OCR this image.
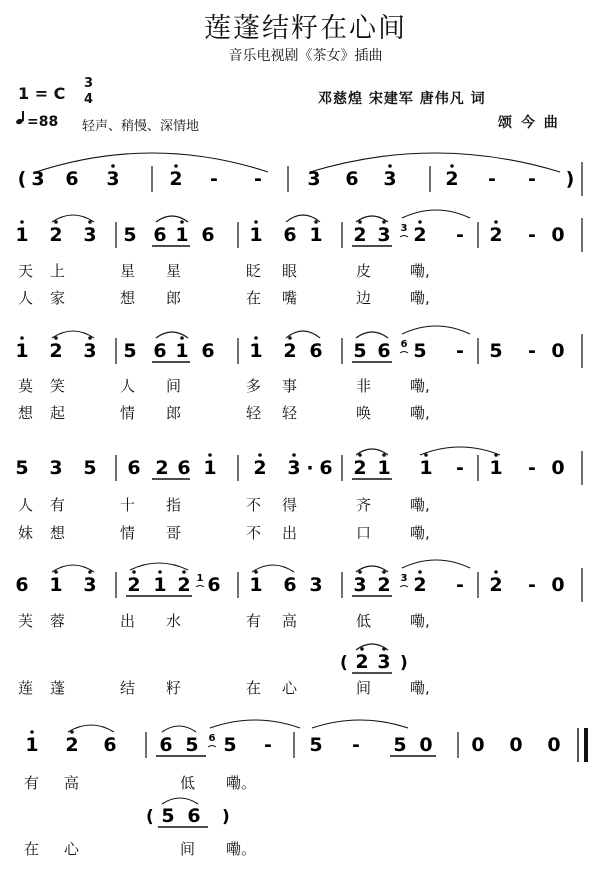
莲蓬结籽在心间
音乐电视剧《茶女》插曲
1 = C
3
4	邓慈煌 宋建军 唐伟凡 词
=88 轻声、稍慢、深情地	颂 今 曲
( 3 6 3	2 - - 3 6 3	2 - - )
1 2 3 5 6 1 6 1 6 1 2 3 3 2 - 2 - 0
1 2 3 5 6 1 6 1 2 6 5 6 6 5 - 5 - 0
5 3 5 6 2 6 1 2 3 · 6 2 1 1 - 1 - 0
6 1 3 2 1 2 1 6 1 6 3 3 2 3 2 - 2 - 0
( 2 3 )
1 2 6 6 5 6 5 - 5 - 5 0 0 0 0
( 5 6 )
天 上	星 星	眨 眼	皮	嘞,
人 家	想 郎	在 嘴	边	嘞,
莫 笑	人 间	多 事	非	嘞,
想 起	情 郎	轻 轻	唤	嘞,
人 有	十 指	不 得	齐	嘞,
妹 想	情 哥	不 出	口	嘞,
芙 蓉	出 水	有 高	低	嘞,
莲 蓬	结 籽	在 心	间	嘞,
有 高	低 嘞。
在 心	间 嘞。
